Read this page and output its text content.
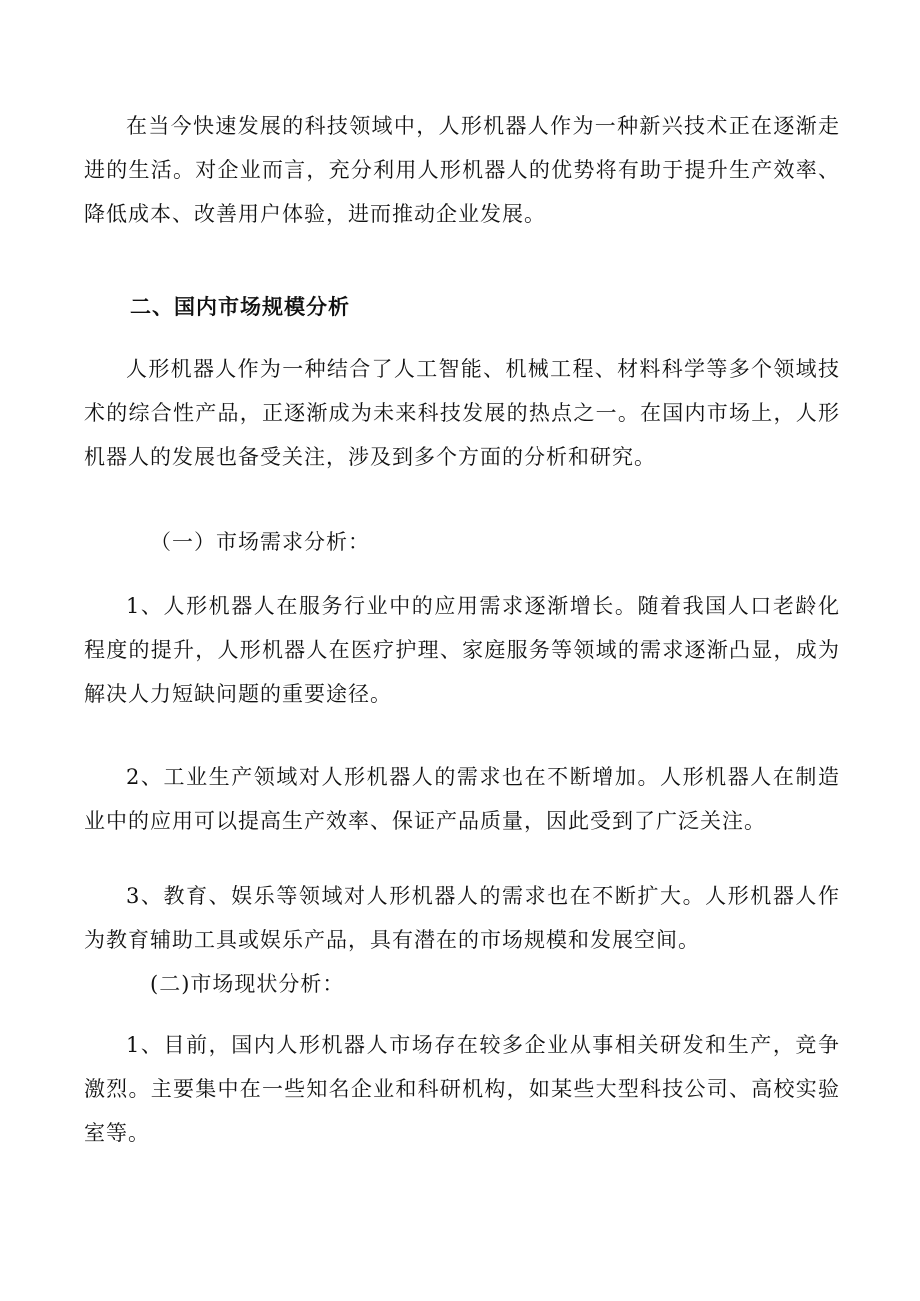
在当今快速发展的科技领域中，人形机器人作为一种新兴技术正在逐渐走进的生活。对企业而言，充分利用人形机器人的优势将有助于提升生产效率、降低成本、改善用户体验，进而推动企业发展。

二、国内市场规模分析

人形机器人作为一种结合了人工智能、机械工程、材料科学等多个领域技术的综合性产品，正逐渐成为未来科技发展的热点之一。在国内市场上，人形机器人的发展也备受关注，涉及到多个方面的分析和研究。

（一）市场需求分析：

1、人形机器人在服务行业中的应用需求逐渐增长。随着我国人口老龄化程度的提升，人形机器人在医疗护理、家庭服务等领域的需求逐渐凸显，成为解决人力短缺问题的重要途径。

2、工业生产领域对人形机器人的需求也在不断增加。人形机器人在制造业中的应用可以提高生产效率、保证产品质量，因此受到了广泛关注。

3、教育、娱乐等领域对人形机器人的需求也在不断扩大。人形机器人作为教育辅助工具或娱乐产品，具有潜在的市场规模和发展空间。

(二)市场现状分析：

1、目前，国内人形机器人市场存在较多企业从事相关研发和生产，竞争激烈。主要集中在一些知名企业和科研机构，如某些大型科技公司、高校实验室等。
